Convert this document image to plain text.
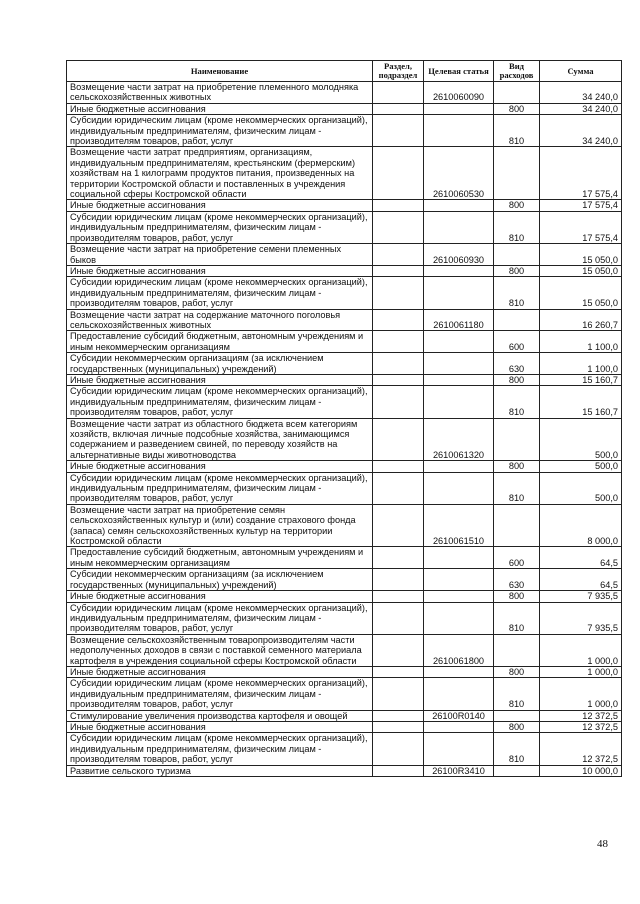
Наименование	Раздел, подраздел	Целевая статья	Вид расходов	Сумма
Возмещение части затрат на приобретение племенного молодняка сельскохозяйственных животных		2610060090		34 240,0
Иные бюджетные ассигнования			800	34 240,0
Субсидии юридическим лицам (кроме некоммерческих организаций), индивидуальным предпринимателям, физическим лицам - производителям товаров, работ, услуг			810	34 240,0
Возмещение части затрат предприятиям, организациям, индивидуальным предпринимателям, крестьянским (фермерским) хозяйствам на 1 килограмм продуктов питания, произведенных на территории Костромской области и поставленных в учреждения социальной сферы Костромской области		2610060530		17 575,4
Иные бюджетные ассигнования			800	17 575,4
Субсидии юридическим лицам (кроме некоммерческих организаций), индивидуальным предпринимателям, физическим лицам - производителям товаров, работ, услуг			810	17 575,4
Возмещение части затрат на приобретение семени племенных быков		2610060930		15 050,0
Иные бюджетные ассигнования			800	15 050,0
Субсидии юридическим лицам (кроме некоммерческих организаций), индивидуальным предпринимателям, физическим лицам - производителям товаров, работ, услуг			810	15 050,0
Возмещение части затрат на содержание маточного поголовья сельскохозяйственных животных		2610061180		16 260,7
Предоставление субсидий бюджетным, автономным учреждениям и иным некоммерческим организациям			600	1 100,0
Субсидии некоммерческим организациям (за исключением государственных (муниципальных) учреждений)			630	1 100,0
Иные бюджетные ассигнования			800	15 160,7
Субсидии юридическим лицам (кроме некоммерческих организаций), индивидуальным предпринимателям, физическим лицам - производителям товаров, работ, услуг			810	15 160,7
Возмещение части затрат из областного бюджета всем категориям хозяйств, включая личные подсобные хозяйства, занимающимся содержанием и разведением свиней, по переводу хозяйств на альтернативные виды животноводства		2610061320		500,0
Иные бюджетные ассигнования			800	500,0
Субсидии юридическим лицам (кроме некоммерческих организаций), индивидуальным предпринимателям, физическим лицам - производителям товаров, работ, услуг			810	500,0
Возмещение части затрат на приобретение семян сельскохозяйственных культур и (или) создание страхового фонда (запаса) семян сельскохозяйственных культур на территории Костромской области		2610061510		8 000,0
Предоставление субсидий бюджетным, автономным учреждениям и иным некоммерческим организациям			600	64,5
Субсидии некоммерческим организациям (за исключением государственных (муниципальных) учреждений)			630	64,5
Иные бюджетные ассигнования			800	7 935,5
Субсидии юридическим лицам (кроме некоммерческих организаций), индивидуальным предпринимателям, физическим лицам - производителям товаров, работ, услуг			810	7 935,5
Возмещение сельскохозяйственным товаропроизводителям части недополученных доходов в связи с поставкой семенного материала картофеля в учреждения социальной сферы Костромской области		2610061800		1 000,0
Иные бюджетные ассигнования			800	1 000,0
Субсидии юридическим лицам (кроме некоммерческих организаций), индивидуальным предпринимателям, физическим лицам - производителям товаров, работ, услуг			810	1 000,0
Стимулирование увеличения производства картофеля и овощей		26100R0140		12 372,5
Иные бюджетные ассигнования			800	12 372,5
Субсидии юридическим лицам (кроме некоммерческих организаций), индивидуальным предпринимателям, физическим лицам - производителям товаров, работ, услуг			810	12 372,5
Развитие сельского туризма		26100R3410		10 000,0
48
